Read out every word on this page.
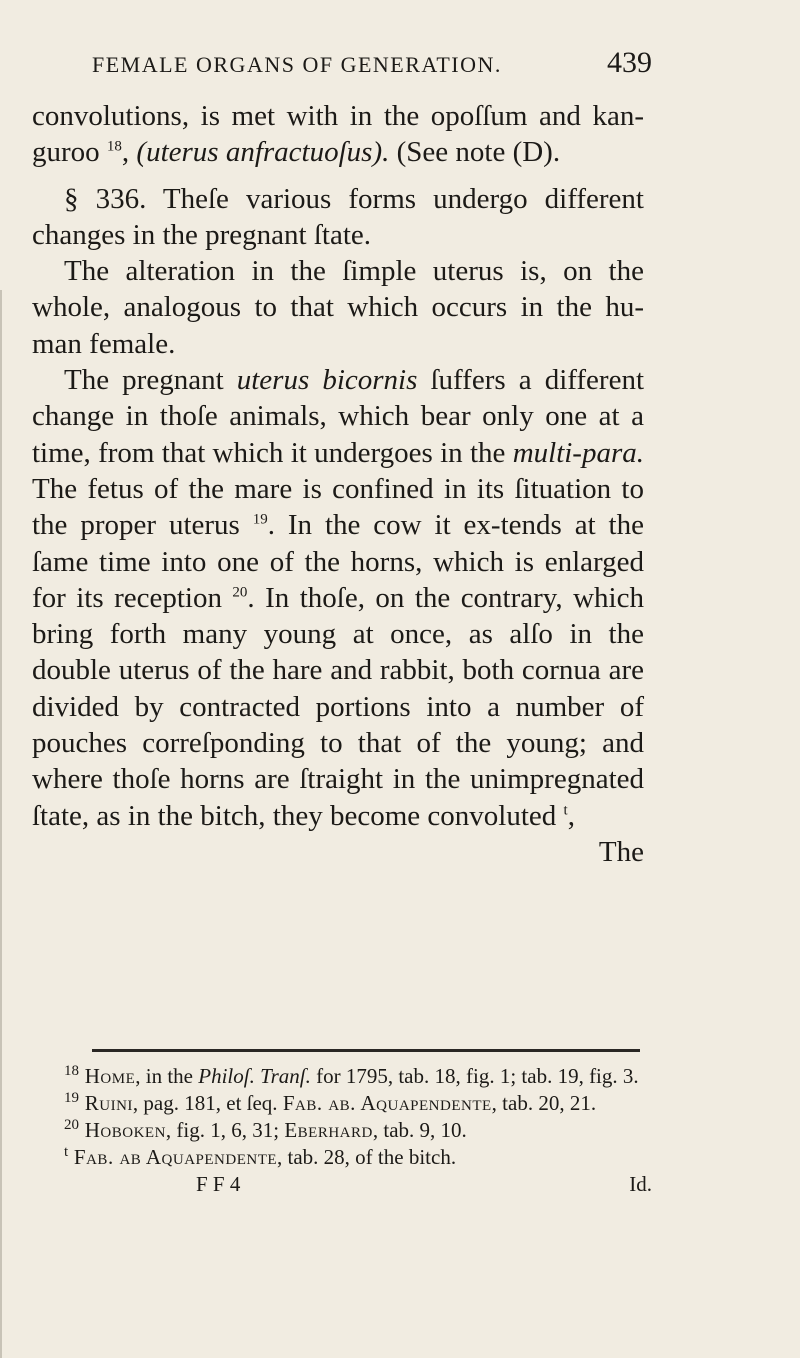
FEMALE ORGANS OF GENERATION.	439

convolutions, is met with in the opoſſum and kan-guroo $^{18}$, (uterus anfractuoſus). (See note (D).

§ 336. Theſe various forms undergo different changes in the pregnant ſtate.

The alteration in the ſimple uterus is, on the whole, analogous to that which occurs in the hu-man female.

The pregnant uterus bicornis ſuffers a different change in thoſe animals, which bear only one at a time, from that which it undergoes in the multi-para. The fetus of the mare is confined in its ſituation to the proper uterus $^{19}$. In the cow it ex-tends at the ſame time into one of the horns, which is enlarged for its reception $^{20}$. In thoſe, on the contrary, which bring forth many young at once, as alſo in the double uterus of the hare and rabbit, both cornua are divided by contracted portions into a number of pouches correſponding to that of the young; and where thoſe horns are ſtraight in the unimpregnated ſtate, as in the bitch, they become convoluted $^t$,

The

$^{18}$ Home, in the Philoſ. Tranſ. for 1795, tab. 18, fig. 1; tab. 19, fig. 3.

$^{19}$ Ruini, pag. 181, et ſeq. Fab. ab. Aquapendente, tab. 20, 21.

$^{20}$ Hoboken, fig. 1, 6, 31; Eberhard, tab. 9, 10.

$^t$ Fab. ab Aquapendente, tab. 28, of the bitch.

F F 4	Id.
